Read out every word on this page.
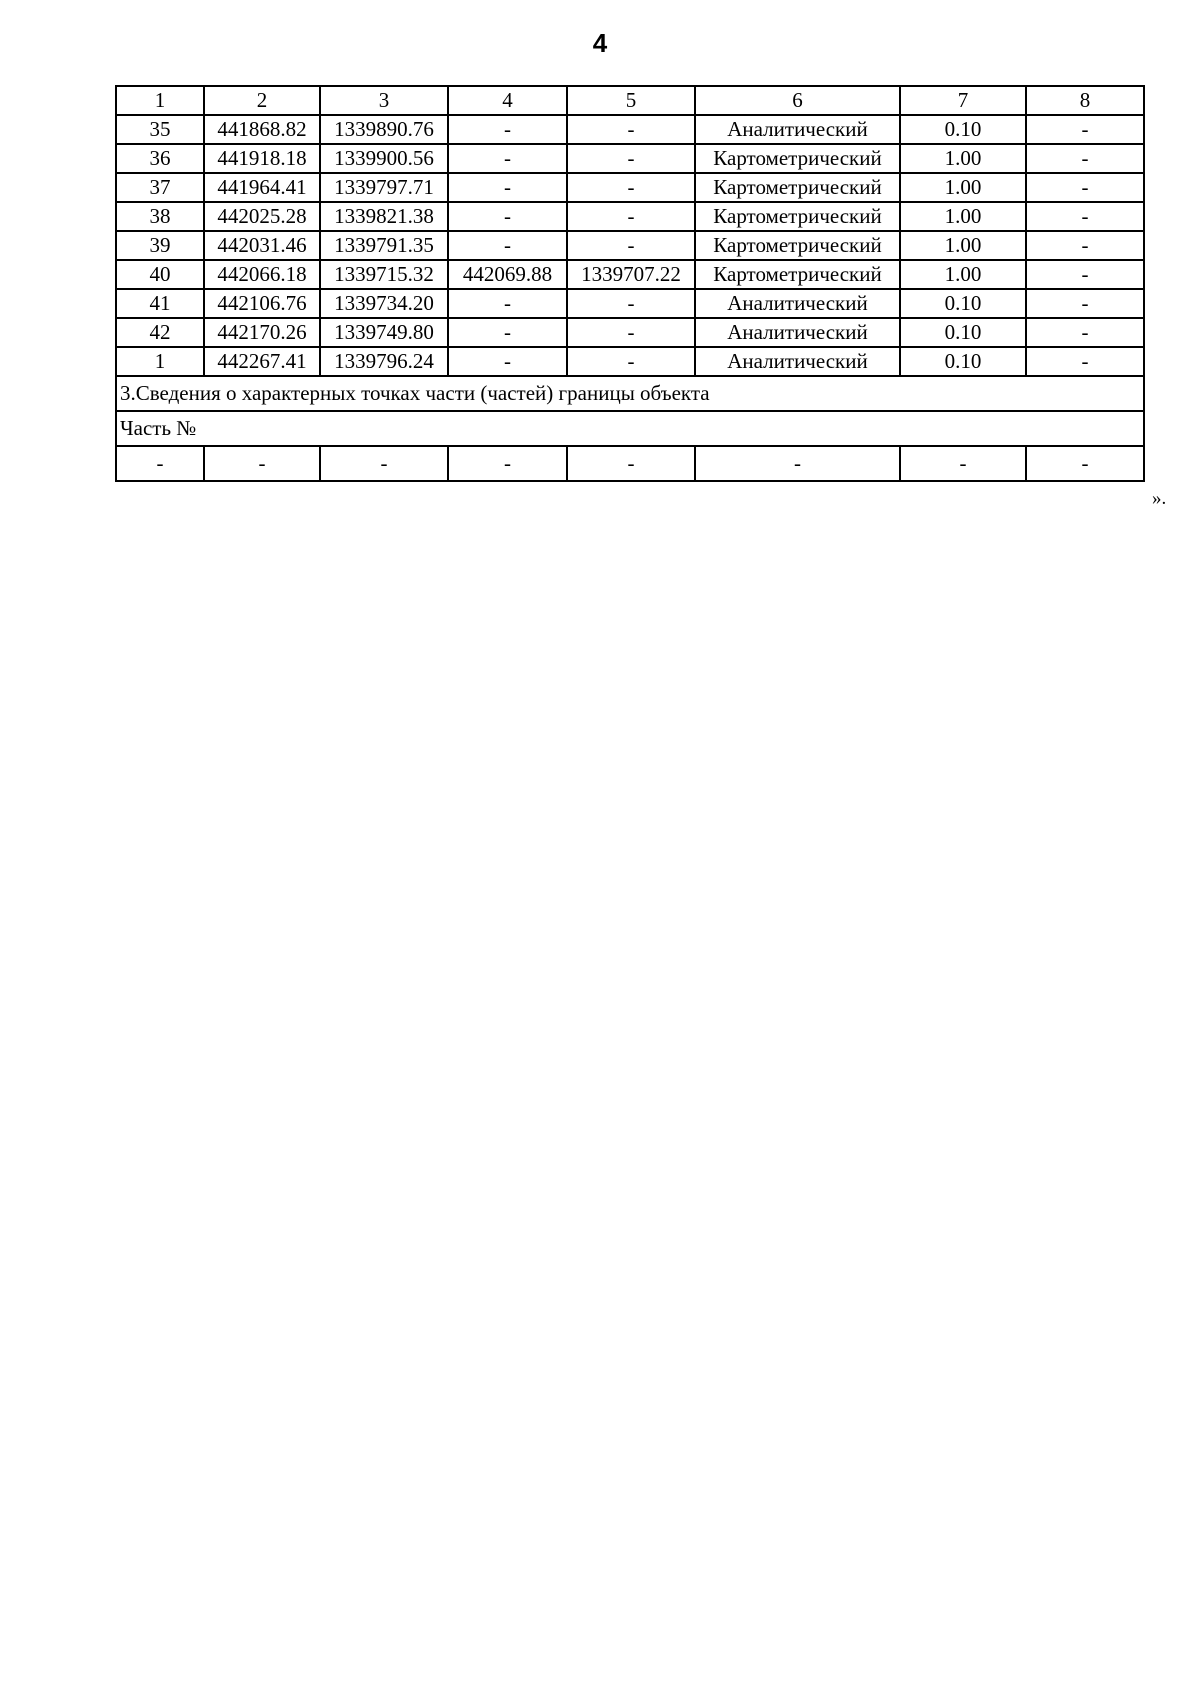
4
1	2	3	4	5	6	7	8
35	441868.82	1339890.76	-	-	Аналитический	0.10	-
36	441918.18	1339900.56	-	-	Картометрический	1.00	-
37	441964.41	1339797.71	-	-	Картометрический	1.00	-
38	442025.28	1339821.38	-	-	Картометрический	1.00	-
39	442031.46	1339791.35	-	-	Картометрический	1.00	-
40	442066.18	1339715.32	442069.88	1339707.22	Картометрический	1.00	-
41	442106.76	1339734.20	-	-	Аналитический	0.10	-
42	442170.26	1339749.80	-	-	Аналитический	0.10	-
1	442267.41	1339796.24	-	-	Аналитический	0.10	-
3.Сведения о характерных точках части (частей) границы объекта							
Часть №							
-	-	-	-	-	-	-	-
».
